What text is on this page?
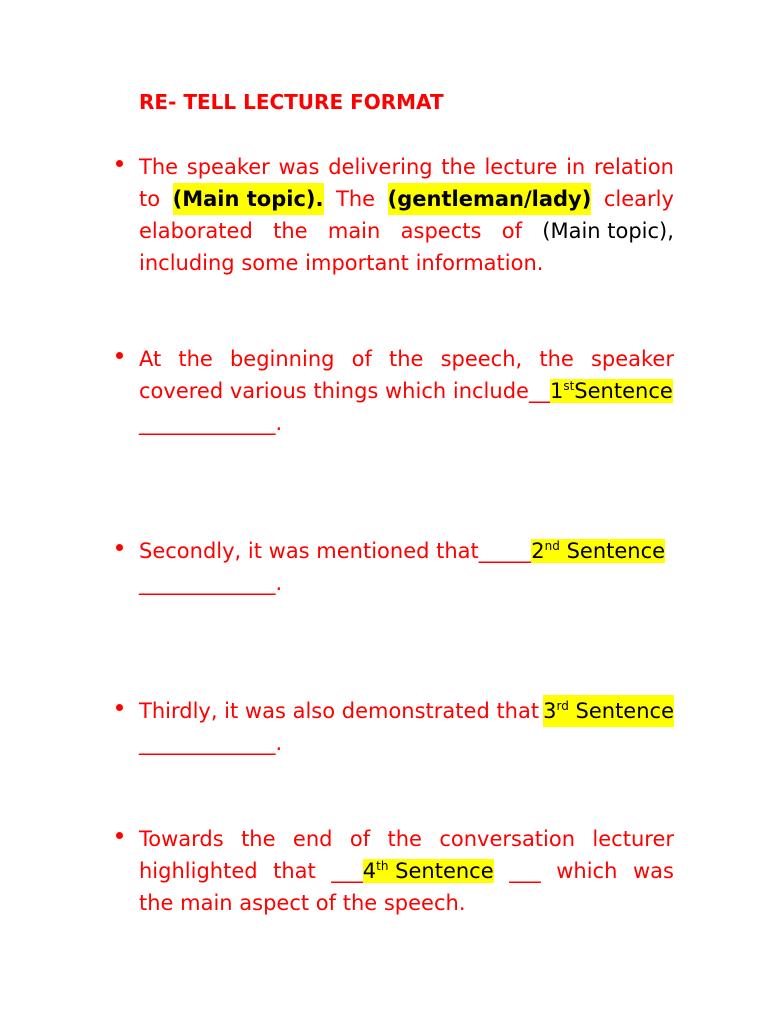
RE- TELL LECTURE FORMAT
The speaker was delivering the lecture in relation
to (Main topic). The (gentleman/lady) clearly
elaborated the main aspects of (Main topic),
including some important information.
At the beginning of the speech, the speaker
covered various things which include__1stSentence
_____________.
Secondly, it was mentioned that_____2nd Sentence
_____________.
Thirdly, it was also demonstrated that 3rd Sentence
_____________.
Towards the end of the conversation lecturer
highlighted that ___4th Sentence ___ which was
the main aspect of the speech.
